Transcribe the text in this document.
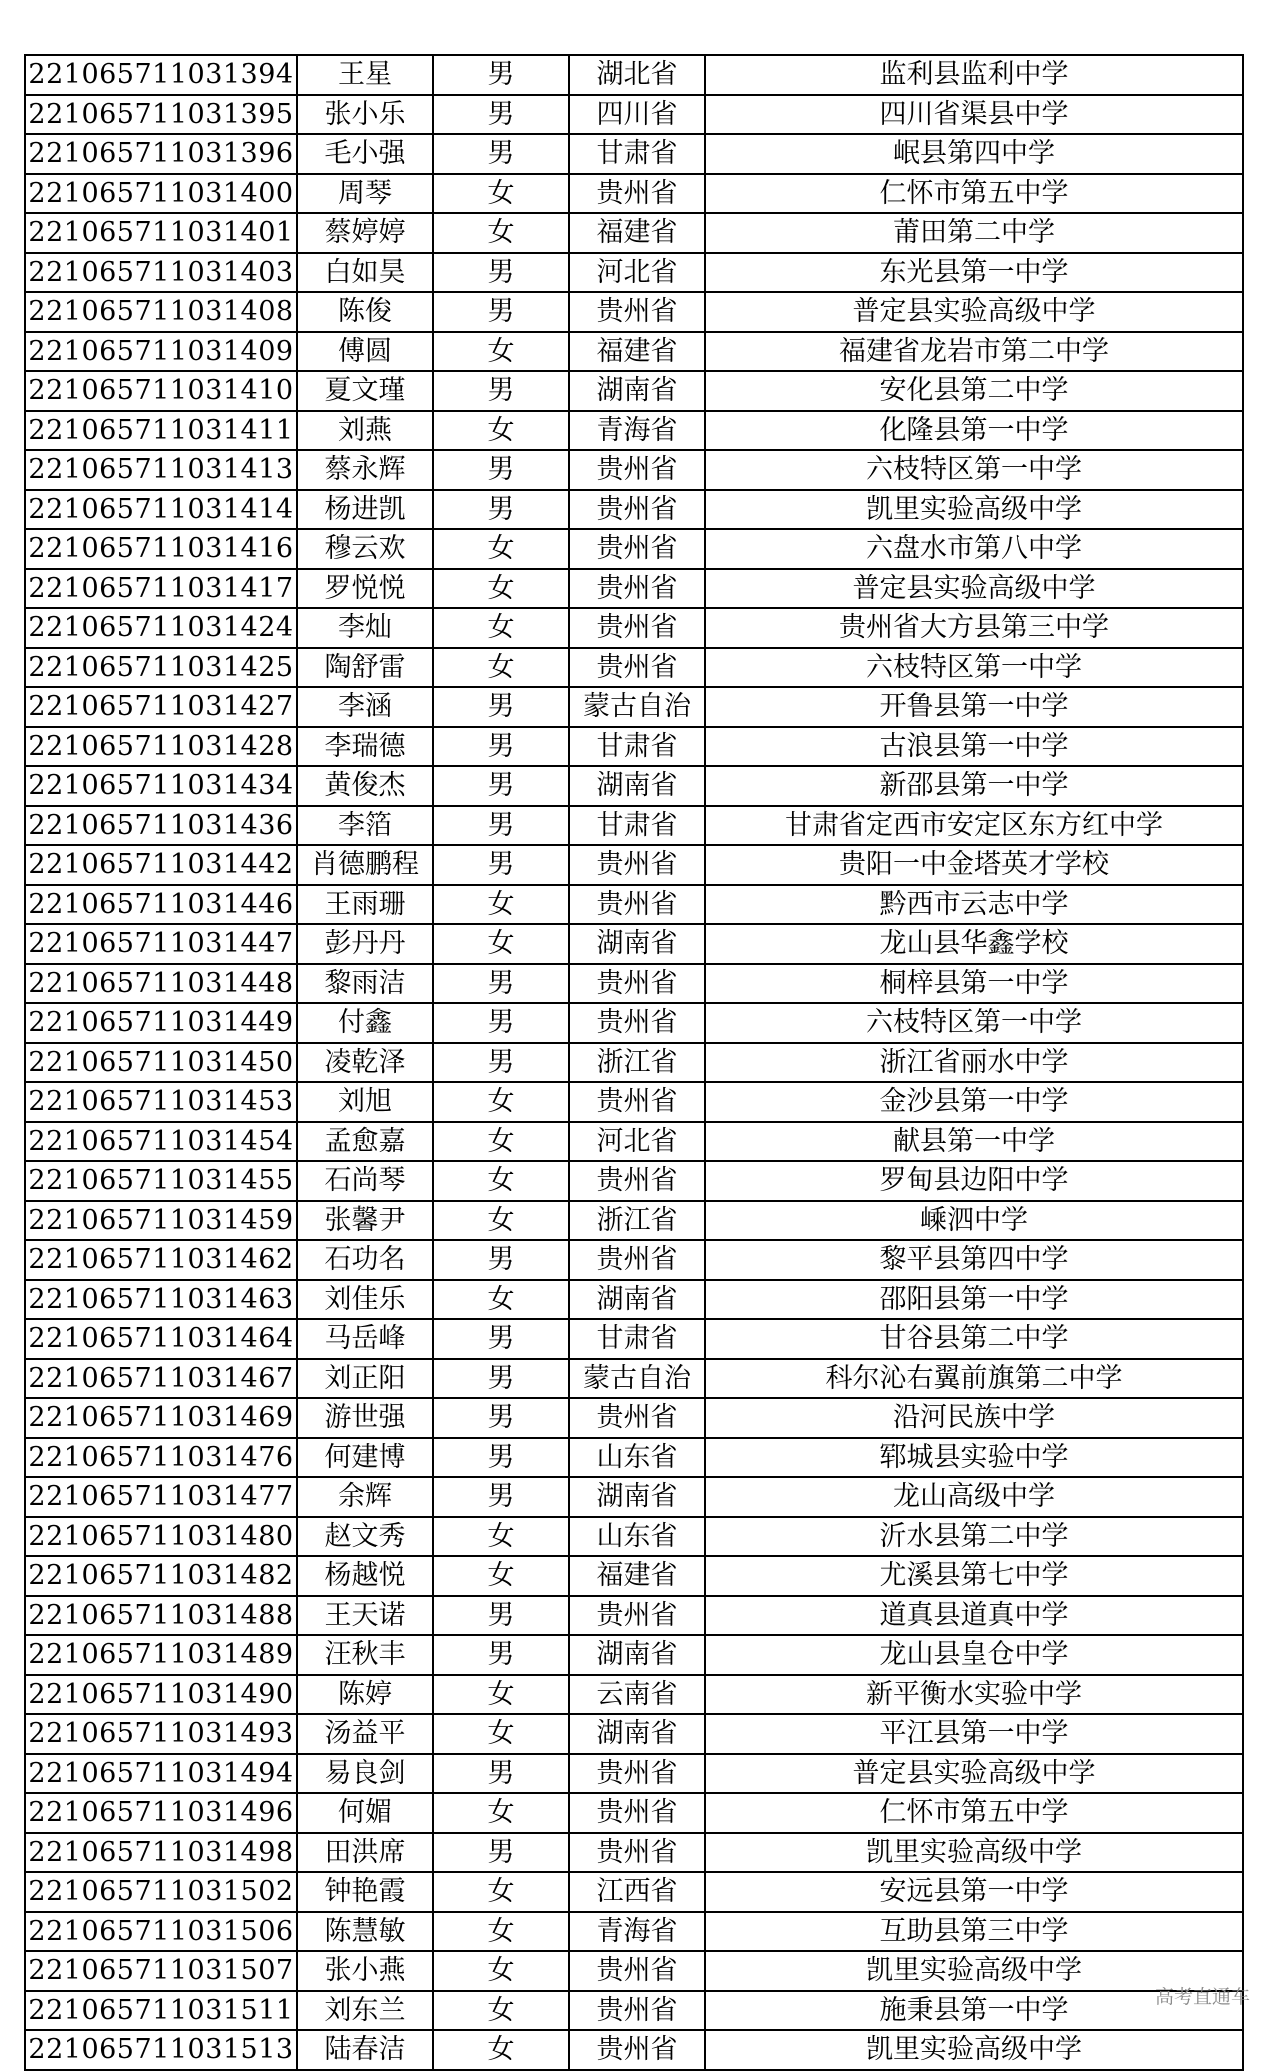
221065711031394	王星	男	湖北省	监利县监利中学
221065711031395	张小乐	男	四川省	四川省渠县中学
221065711031396	毛小强	男	甘肃省	岷县第四中学
221065711031400	周琴	女	贵州省	仁怀市第五中学
221065711031401	蔡婷婷	女	福建省	莆田第二中学
221065711031403	白如昊	男	河北省	东光县第一中学
221065711031408	陈俊	男	贵州省	普定县实验高级中学
221065711031409	傅圆	女	福建省	福建省龙岩市第二中学
221065711031410	夏文瑾	男	湖南省	安化县第二中学
221065711031411	刘燕	女	青海省	化隆县第一中学
221065711031413	蔡永辉	男	贵州省	六枝特区第一中学
221065711031414	杨进凯	男	贵州省	凯里实验高级中学
221065711031416	穆云欢	女	贵州省	六盘水市第八中学
221065711031417	罗悦悦	女	贵州省	普定县实验高级中学
221065711031424	李灿	女	贵州省	贵州省大方县第三中学
221065711031425	陶舒雷	女	贵州省	六枝特区第一中学
221065711031427	李涵	男	蒙古自治	开鲁县第一中学
221065711031428	李瑞德	男	甘肃省	古浪县第一中学
221065711031434	黄俊杰	男	湖南省	新邵县第一中学
221065711031436	李箔	男	甘肃省	甘肃省定西市安定区东方红中学
221065711031442	肖德鹏程	男	贵州省	贵阳一中金塔英才学校
221065711031446	王雨珊	女	贵州省	黔西市云志中学
221065711031447	彭丹丹	女	湖南省	龙山县华鑫学校
221065711031448	黎雨洁	男	贵州省	桐梓县第一中学
221065711031449	付鑫	男	贵州省	六枝特区第一中学
221065711031450	凌乾泽	男	浙江省	浙江省丽水中学
221065711031453	刘旭	女	贵州省	金沙县第一中学
221065711031454	孟愈嘉	女	河北省	献县第一中学
221065711031455	石尚琴	女	贵州省	罗甸县边阳中学
221065711031459	张馨尹	女	浙江省	嵊泗中学
221065711031462	石功名	男	贵州省	黎平县第四中学
221065711031463	刘佳乐	女	湖南省	邵阳县第一中学
221065711031464	马岳峰	男	甘肃省	甘谷县第二中学
221065711031467	刘正阳	男	蒙古自治	科尔沁右翼前旗第二中学
221065711031469	游世强	男	贵州省	沿河民族中学
221065711031476	何建博	男	山东省	郓城县实验中学
221065711031477	余辉	男	湖南省	龙山高级中学
221065711031480	赵文秀	女	山东省	沂水县第二中学
221065711031482	杨越悦	女	福建省	尤溪县第七中学
221065711031488	王天诺	男	贵州省	道真县道真中学
221065711031489	汪秋丰	男	湖南省	龙山县皇仓中学
221065711031490	陈婷	女	云南省	新平衡水实验中学
221065711031493	汤益平	女	湖南省	平江县第一中学
221065711031494	易良剑	男	贵州省	普定县实验高级中学
221065711031496	何媚	女	贵州省	仁怀市第五中学
221065711031498	田洪席	男	贵州省	凯里实验高级中学
221065711031502	钟艳霞	女	江西省	安远县第一中学
221065711031506	陈慧敏	女	青海省	互助县第三中学
221065711031507	张小燕	女	贵州省	凯里实验高级中学
221065711031511	刘东兰	女	贵州省	施秉县第一中学
221065711031513	陆春洁	女	贵州省	凯里实验高级中学
高考直通车
